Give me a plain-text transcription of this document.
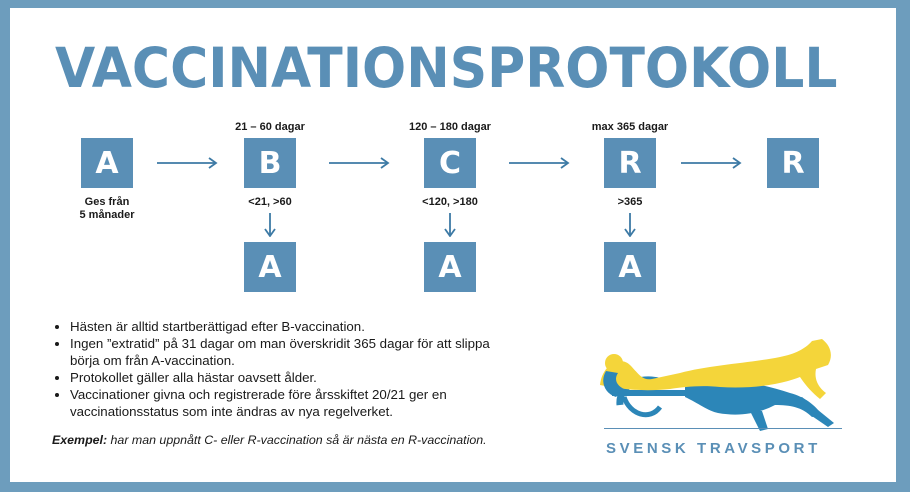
VACCINATIONSPROTOKOLL
A
Ges från
5 månader
21 – 60 dagar
B
<21, >60
A
120 – 180 dagar
C
<120, >180
A
max 365 dagar
R
>365
A
R
• Hästen är alltid startberättigad efter B-vaccination.
• Ingen ”extratid” på 31 dagar om man överskridit 365 dagar för att slippa börja om från A-vaccination.
• Protokollet gäller alla hästar oavsett ålder.
• Vaccinationer givna och registrerade före årsskiftet 20/21 ger en vaccinationsstatus som inte ändras av nya regelverket.
Exempel: har man uppnått C- eller R-vaccination så är nästa en R-vaccination.	SVENSK TRAVSPORT
